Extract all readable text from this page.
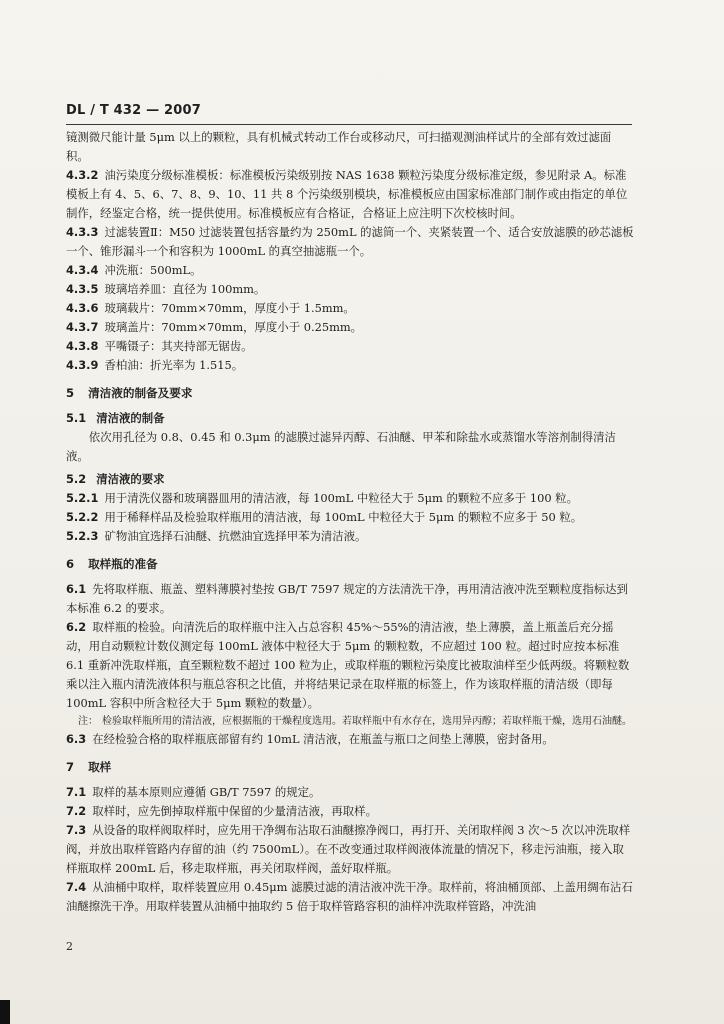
DL / T 432 — 2007

镜测微尺能计量 5μm 以上的颗粒，具有机械式转动工作台或移动尺，可扫描观测油样试片的全部有效过滤面积。

4.3.2 油污染度分级标准模板：标准模板污染级别按 NAS 1638 颗粒污染度分级标准定级，参见附录 A。标准模板上有 4、5、6、7、8、9、10、11 共 8 个污染级别模块，标准模板应由国家标准部门制作或由指定的单位制作，经鉴定合格，统一提供使用。标准模板应有合格证，合格证上应注明下次校核时间。

4.3.3 过滤装置Ⅱ：M50 过滤装置包括容量约为 250mL 的滤筒一个、夹紧装置一个、适合安放滤膜的砂芯滤板一个、锥形漏斗一个和容积为 1000mL 的真空抽滤瓶一个。

4.3.4 冲洗瓶：500mL。

4.3.5 玻璃培养皿：直径为 100mm。

4.3.6 玻璃载片：70mm×70mm，厚度小于 1.5mm。

4.3.7 玻璃盖片：70mm×70mm，厚度小于 0.25mm。

4.3.8 平嘴镊子：其夹持部无锯齿。

4.3.9 香柏油：折光率为 1.515。

5 清洁液的制备及要求
5.1 清洁液的制备

依次用孔径为 0.8、0.45 和 0.3μm 的滤膜过滤异丙醇、石油醚、甲苯和除盐水或蒸馏水等溶剂制得清洁液。

5.2 清洁液的要求

5.2.1 用于清洗仪器和玻璃器皿用的清洁液，每 100mL 中粒径大于 5μm 的颗粒不应多于 100 粒。

5.2.2 用于稀释样品及检验取样瓶用的清洁液，每 100mL 中粒径大于 5μm 的颗粒不应多于 50 粒。

5.2.3 矿物油宜选择石油醚、抗燃油宜选择甲苯为清洁液。

6 取样瓶的准备

6.1 先将取样瓶、瓶盖、塑料薄膜衬垫按 GB/T 7597 规定的方法清洗干净，再用清洁液冲洗至颗粒度指标达到本标准 6.2 的要求。

6.2 取样瓶的检验。向清洗后的取样瓶中注入占总容积 45%～55%的清洁液，垫上薄膜，盖上瓶盖后充分摇动，用自动颗粒计数仪测定每 100mL 液体中粒径大于 5μm 的颗粒数，不应超过 100 粒。超过时应按本标准 6.1 重新冲洗取样瓶，直至颗粒数不超过 100 粒为止，或取样瓶的颗粒污染度比被取油样至少低两级。将颗粒数乘以注入瓶内清洗液体积与瓶总容积之比值，并将结果记录在取样瓶的标签上，作为该取样瓶的清洁级（即每 100mL 容积中所含粒径大于 5μm 颗粒的数量）。

注： 检验取样瓶所用的清洁液，应根据瓶的干燥程度选用。若取样瓶中有水存在，选用异丙醇；若取样瓶干燥，选用石油醚。

6.3 在经检验合格的取样瓶底部留有约 10mL 清洁液，在瓶盖与瓶口之间垫上薄膜，密封备用。

7 取样

7.1 取样的基本原则应遵循 GB/T 7597 的规定。

7.2 取样时，应先倒掉取样瓶中保留的少量清洁液，再取样。

7.3 从设备的取样阀取样时，应先用干净绸布沾取石油醚擦净阀口，再打开、关闭取样阀 3 次～5 次以冲洗取样阀，并放出取样管路内存留的油（约 7500mL）。在不改变通过取样阀液体流量的情况下，移走污油瓶，接入取样瓶取样 200mL 后，移走取样瓶，再关闭取样阀，盖好取样瓶。

7.4 从油桶中取样，取样装置应用 0.45μm 滤膜过滤的清洁液冲洗干净。取样前，将油桶顶部、上盖用绸布沾石油醚擦洗干净。用取样装置从油桶中抽取约 5 倍于取样管路容积的油样冲洗取样管路，冲洗油

2
